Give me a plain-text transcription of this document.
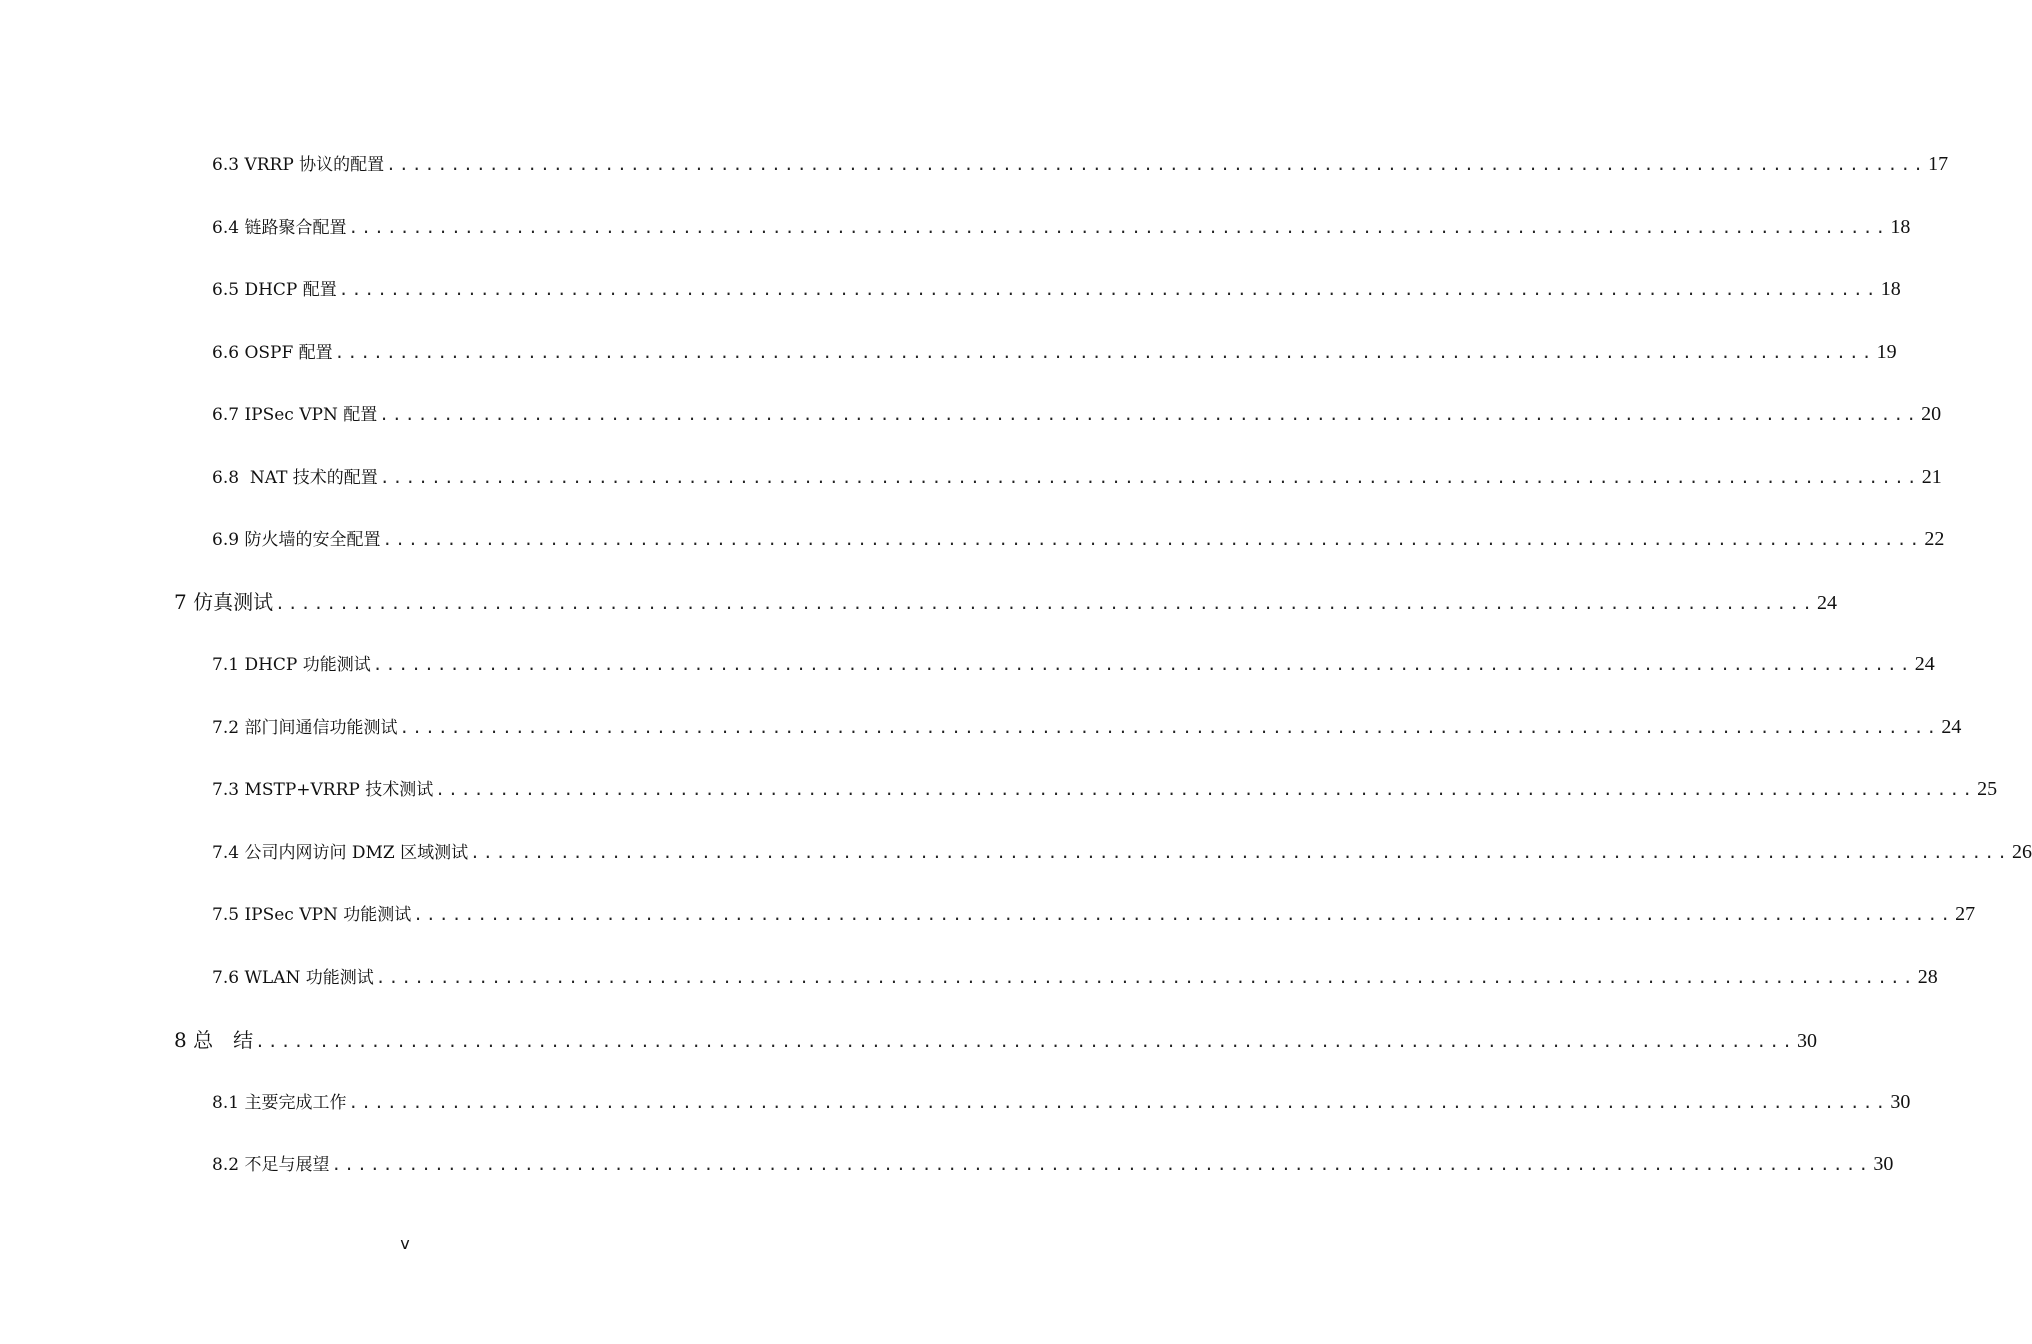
6.3 VRRP 协议的配置 ........................................................................................................................ 17
6.4 链路聚合配置 ........................................................................................................................ 18
6.5 DHCP 配置 ........................................................................................................................ 18
6.6 OSPF 配置 ........................................................................................................................ 19
6.7 IPSec VPN 配置 ........................................................................................................................ 20
6.8  NAT 技术的配置 ........................................................................................................................ 21
6.9 防火墙的安全配置 ........................................................................................................................ 22
7 仿真测试 ........................................................................................................................ 24
7.1 DHCP 功能测试 ........................................................................................................................ 24
7.2 部门间通信功能测试 ........................................................................................................................ 24
7.3 MSTP+VRRP 技术测试 ........................................................................................................................ 25
7.4 公司内网访问 DMZ 区域测试 ........................................................................................................................ 26
7.5 IPSec VPN 功能测试 ........................................................................................................................ 27
7.6 WLAN 功能测试 ........................................................................................................................ 28
8 总　结 ........................................................................................................................ 30
8.1 主要完成工作 ........................................................................................................................ 30
8.2 不足与展望 ........................................................................................................................ 30
v
